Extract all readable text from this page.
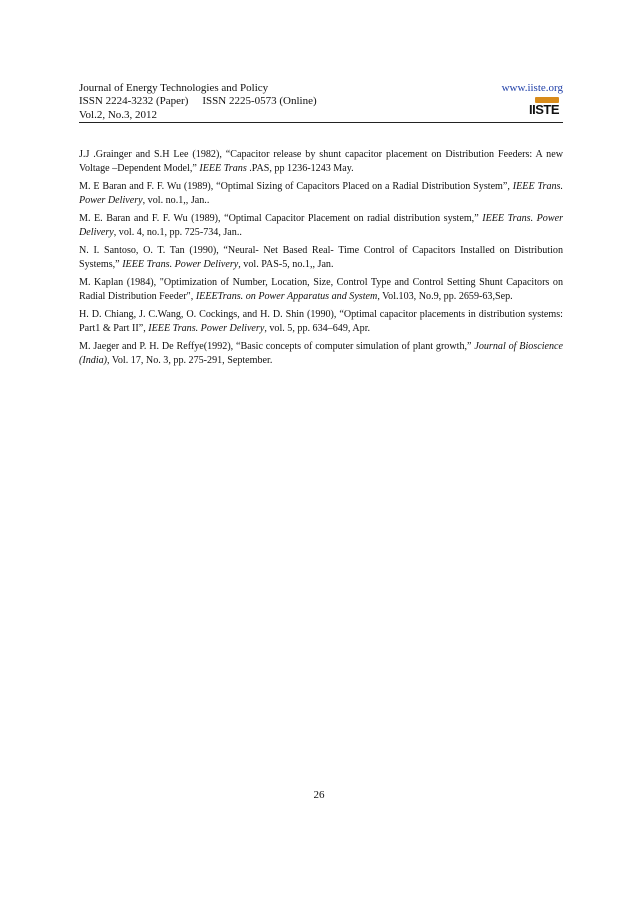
Journal of Energy Technologies and Policy
ISSN 2224-3232 (Paper) ISSN 2225-0573 (Online)
Vol.2, No.3, 2012
www.iiste.org
IISTE

J.J .Grainger and S.H Lee (1982), “Capacitor release by shunt capacitor placement on Distribution Feeders: A new Voltage –Dependent Model,” IEEE Trans .PAS, pp 1236-1243 May.

M. E Baran and F. F. Wu (1989), “Optimal Sizing of Capacitors Placed on a Radial Distribution System”, IEEE Trans. Power Delivery, vol. no.1,, Jan..

M. E. Baran and F. F. Wu (1989), “Optimal Capacitor Placement on radial distribution system,” IEEE Trans. Power Delivery, vol. 4, no.1, pp. 725-734, Jan..

N. I. Santoso, O. T. Tan (1990), “Neural- Net Based Real- Time Control of Capacitors Installed on Distribution Systems,” IEEE Trans. Power Delivery, vol. PAS-5, no.1,, Jan.

M. Kaplan (1984), "Optimization of Number, Location, Size, Control Type and Control Setting Shunt Capacitors on Radial Distribution Feeder", IEEETrans. on Power Apparatus and System, Vol.103, No.9, pp. 2659-63,Sep.

H. D. Chiang, J. C.Wang, O. Cockings, and H. D. Shin (1990), “Optimal capacitor placements in distribution systems: Part1 & Part II”, IEEE Trans. Power Delivery, vol. 5, pp. 634–649, Apr.

M. Jaeger and P. H. De Reffye(1992), “Basic concepts of computer simulation of plant growth,” Journal of Bioscience (India), Vol. 17, No. 3, pp. 275-291, September.

26
